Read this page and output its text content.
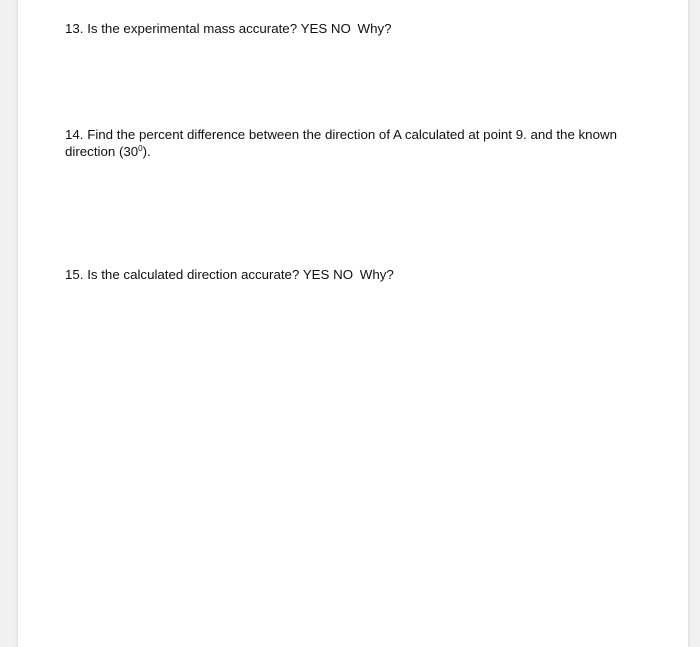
13. Is the experimental mass accurate? YES NO Why?
14. Find the percent difference between the direction of A calculated at point 9. and the known direction $(30^0)$.
15. Is the calculated direction accurate? YES NO Why?
